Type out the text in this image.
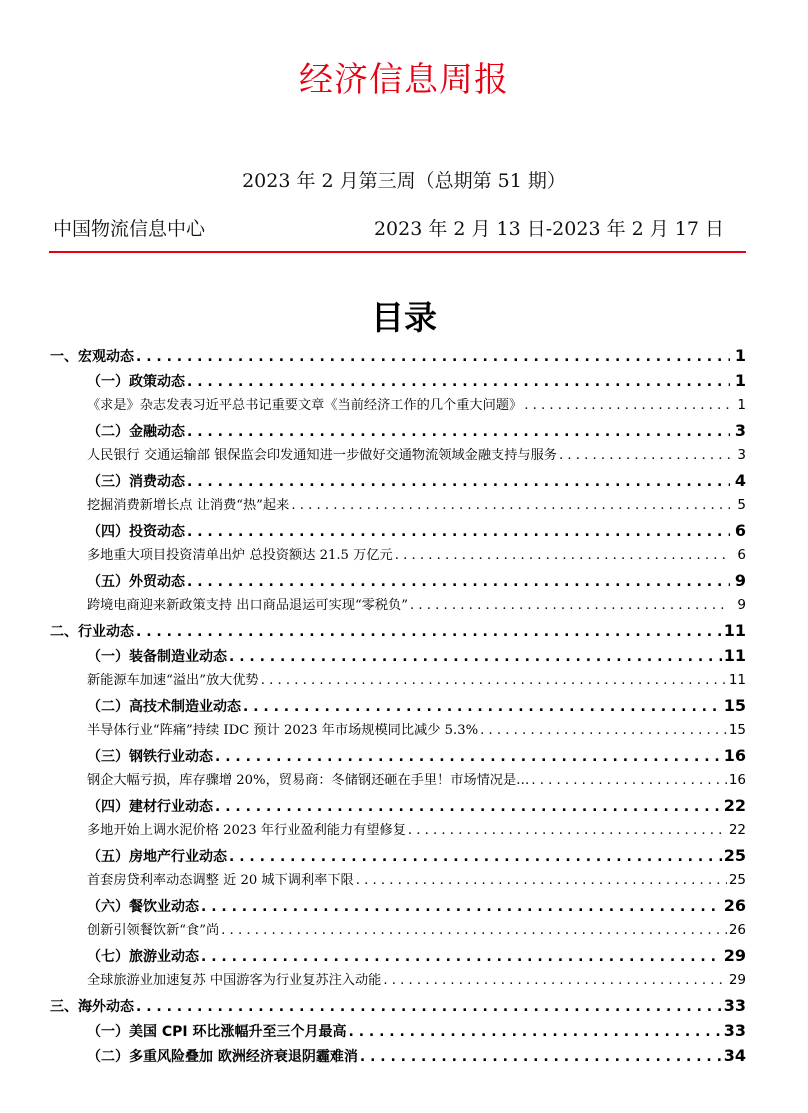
经济信息周报
2023 年 2 月第三周（总期第 51 期）
中国物流信息中心	2023 年 2 月 13 日-2023 年 2 月 17 日
目录
一、宏观动态 . . .	1
（一）政策动态 . . .	1
《求是》杂志发表习近平总书记重要文章《当前经济工作的几个重大问题》 . . .	1
（二）金融动态 . . .	3
人民银行 交通运输部 银保监会印发通知进一步做好交通物流领域金融支持与服务 . . .	3
（三）消费动态 . . .	4
挖掘消费新增长点 让消费“热”起来 . . .	5
（四）投资动态 . . .	6
多地重大项目投资清单出炉 总投资额达 21.5 万亿元 . . .	6
（五）外贸动态 . . .	9
跨境电商迎来新政策支持 出口商品退运可实现“零税负” . . .	9
二、行业动态 . . .	11
（一）装备制造业动态 . . .	11
新能源车加速“溢出”放大优势 . . .	11
（二）高技术制造业动态 . . .	15
半导体行业“阵痛”持续 IDC 预计 2023 年市场规模同比减少 5.3% . . .	15
（三）钢铁行业动态 . . .	16
钢企大幅亏损，库存骤增 20%，贸易商：冬储钢还砸在手里！市场情况是… . . .	16
（四）建材行业动态 . . .	22
多地开始上调水泥价格 2023 年行业盈利能力有望修复 . . .	22
（五）房地产行业动态 . . .	25
首套房贷利率动态调整 近 20 城下调利率下限 . . .	25
（六）餐饮业动态 . . .	26
创新引领餐饮新“食”尚 . . .	26
（七）旅游业动态 . . .	29
全球旅游业加速复苏 中国游客为行业复苏注入动能 . . .	29
三、海外动态 . . .	33
（一）美国 CPI 环比涨幅升至三个月最高 . . .	33
（二）多重风险叠加 欧洲经济衰退阴霾难消 . . .	34
